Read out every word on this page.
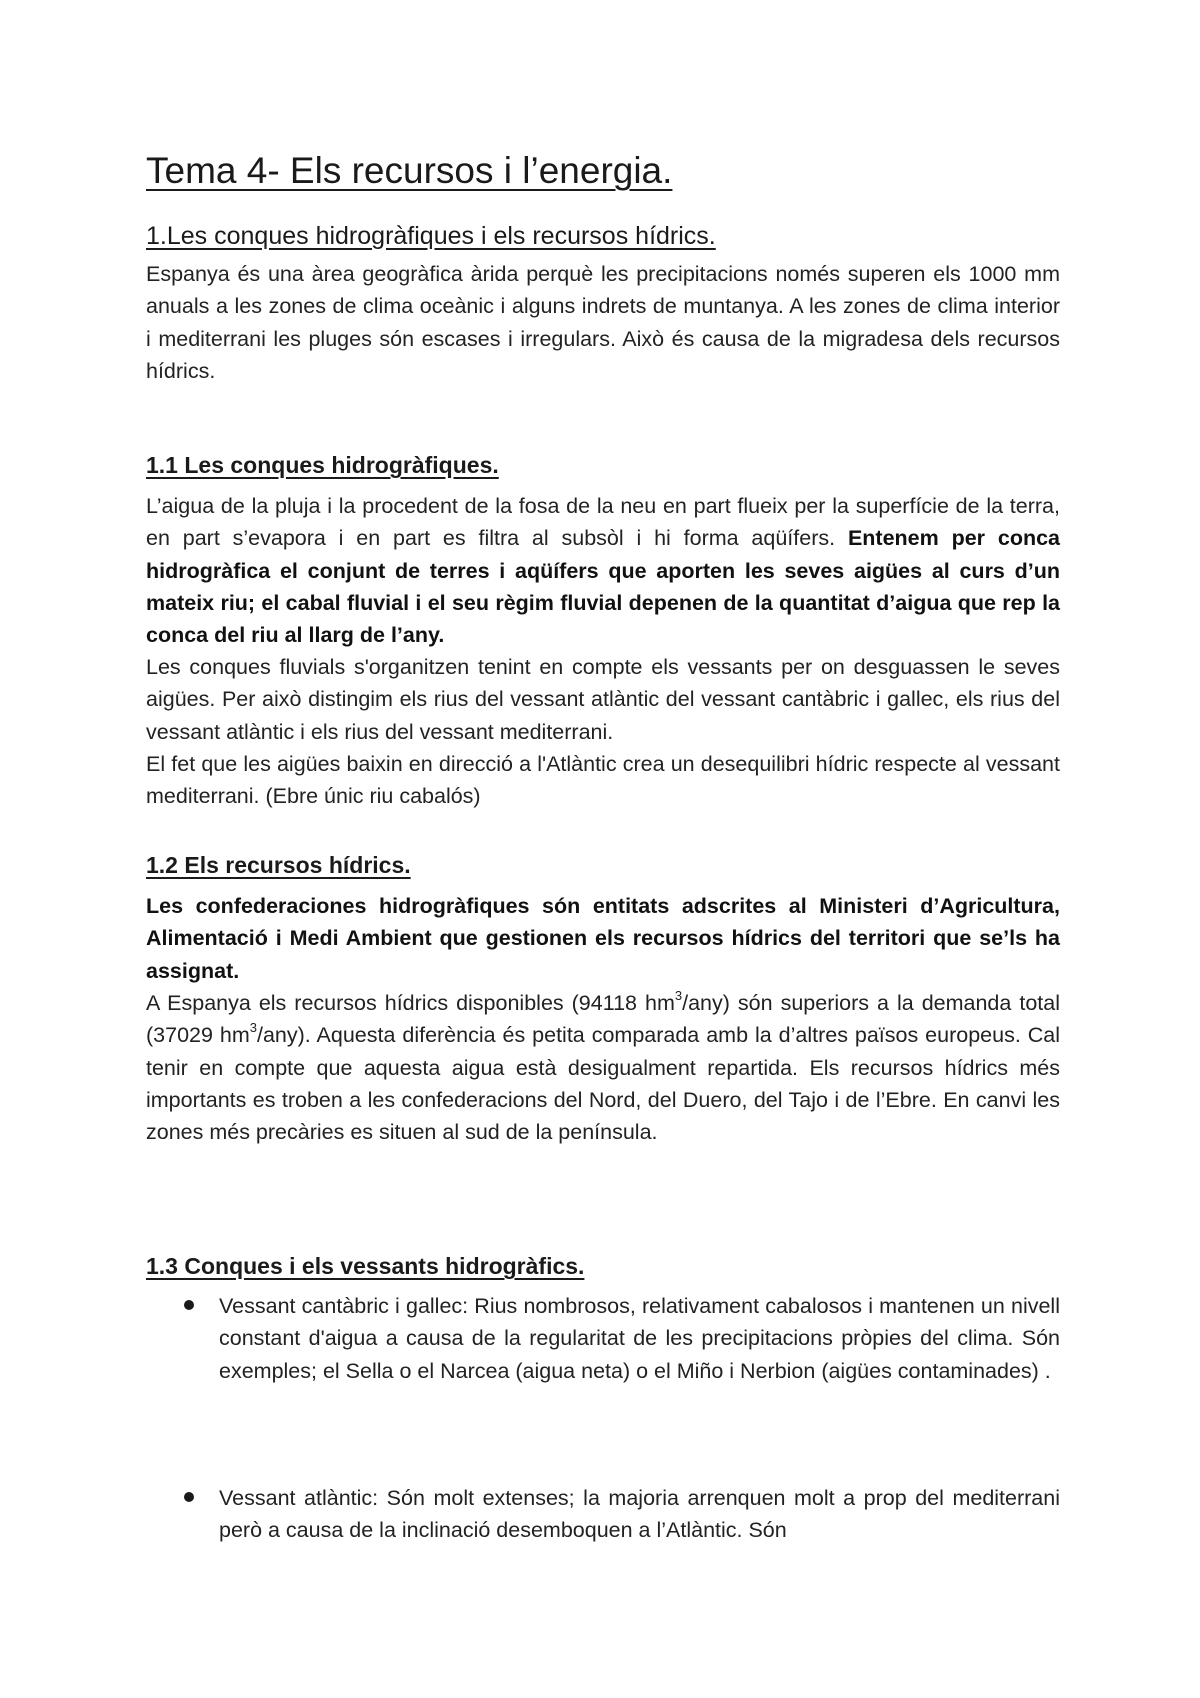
Tema 4- Els recursos i l’energia.
1.Les conques hidrogràfiques i els recursos hídrics.

Espanya és una àrea geogràfica àrida perquè les precipitacions només superen els 1000 mm anuals a les zones de clima oceànic i alguns indrets de muntanya. A les zones de clima interior i mediterrani les pluges són escases i irregulars. Això és causa de la migradesa dels recursos hídrics.

1.1 Les conques hidrogràfiques.

L’aigua de la pluja i la procedent de la fosa de la neu en part flueix per la superfície de la terra, en part s’evapora i en part es filtra al subsòl i hi forma aqüífers. Entenem per conca hidrogràfica el conjunt de terres i aqüífers que aporten les seves aigües al curs d’un mateix riu; el cabal fluvial i el seu règim fluvial depenen de la quantitat d’aigua que rep la conca del riu al llarg de l’any.

Les conques fluvials s'organitzen tenint en compte els vessants per on desguassen le seves aigües. Per això distingim els rius del vessant atlàntic del vessant cantàbric i gallec, els rius del vessant atlàntic i els rius del vessant mediterrani.

El fet que les aigües baixin en direcció a l'Atlàntic crea un desequilibri hídric respecte al vessant mediterrani. (Ebre únic riu cabalós)

1.2 Els recursos hídrics.

Les confederaciones hidrogràfiques són entitats adscrites al Ministeri d’Agricultura, Alimentació i Medi Ambient que gestionen els recursos hídrics del territori que se’ls ha assignat.

A Espanya els recursos hídrics disponibles (94118 $hm^3/any$) són superiors a la demanda total (37029 $hm^3/any$). Aquesta diferència és petita comparada amb la d’altres països europeus. Cal tenir en compte que aquesta aigua està desigualment repartida. Els recursos hídrics més importants es troben a les confederacions del Nord, del Duero, del Tajo i de l’Ebre. En canvi les zones més precàries es situen al sud de la península.

1.3 Conques i els vessants hidrogràfics.

Vessant cantàbric i gallec: Rius nombrosos, relativament cabalosos i mantenen un nivell constant d'aigua a causa de la regularitat de les precipitacions pròpies del clima. Són exemples; el Sella o el Narcea (aigua neta) o el Miño i Nerbion (aigües contaminades) .

Vessant atlàntic: Són molt extenses; la majoria arrenquen molt a prop del mediterrani però a causa de la inclinació desemboquen a l’Atlàntic. Són
